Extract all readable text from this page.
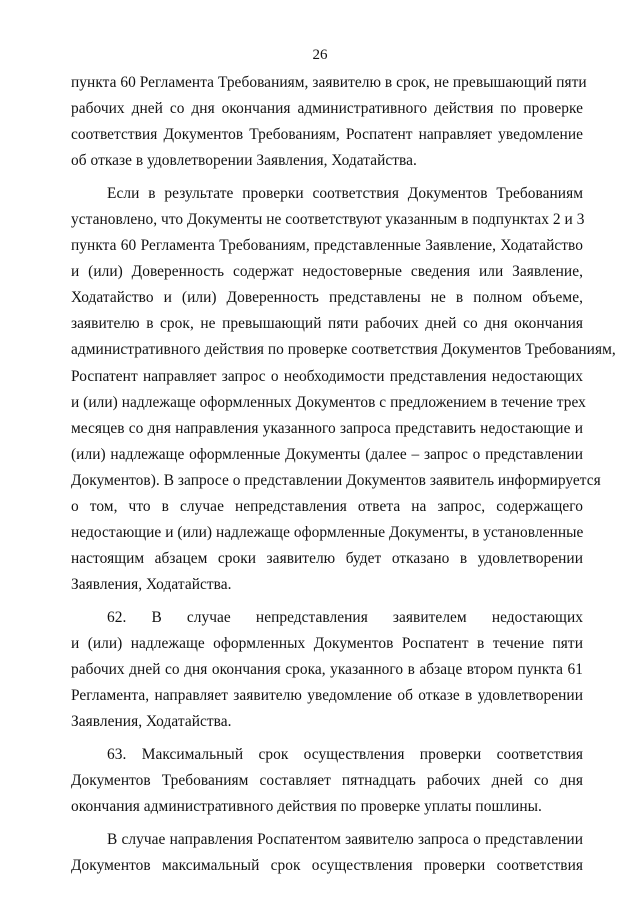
26
пункта 60 Регламента Требованиям, заявителю в срок, не превышающий пяти
рабочих дней со дня окончания административного действия по проверке
соответствия Документов Требованиям, Роспатент направляет уведомление
об отказе в удовлетворении Заявления, Ходатайства.
Если в результате проверки соответствия Документов Требованиям
установлено, что Документы не соответствуют указанным в подпунктах 2 и 3
пункта 60 Регламента Требованиям, представленные Заявление, Ходатайство
и (или) Доверенность содержат недостоверные сведения или Заявление,
Ходатайство и (или) Доверенность представлены не в полном объеме,
заявителю в срок, не превышающий пяти рабочих дней со дня окончания
административного действия по проверке соответствия Документов Требованиям,
Роспатент направляет запрос о необходимости представления недостающих
и (или) надлежаще оформленных Документов с предложением в течение трех
месяцев со дня направления указанного запроса представить недостающие и
(или) надлежаще оформленные Документы (далее – запрос о представлении
Документов). В запросе о представлении Документов заявитель информируется
о том, что в случае непредставления ответа на запрос, содержащего
недостающие и (или) надлежаще оформленные Документы, в установленные
настоящим абзацем сроки заявителю будет отказано в удовлетворении
Заявления, Ходатайства.
62. В случае непредставления заявителем недостающих
и (или) надлежаще оформленных Документов Роспатент в течение пяти
рабочих дней со дня окончания срока, указанного в абзаце втором пункта 61
Регламента, направляет заявителю уведомление об отказе в удовлетворении
Заявления, Ходатайства.
63. Максимальный срок осуществления проверки соответствия
Документов Требованиям составляет пятнадцать рабочих дней со дня
окончания административного действия по проверке уплаты пошлины.
В случае направления Роспатентом заявителю запроса о представлении
Документов максимальный срок осуществления проверки соответствия
